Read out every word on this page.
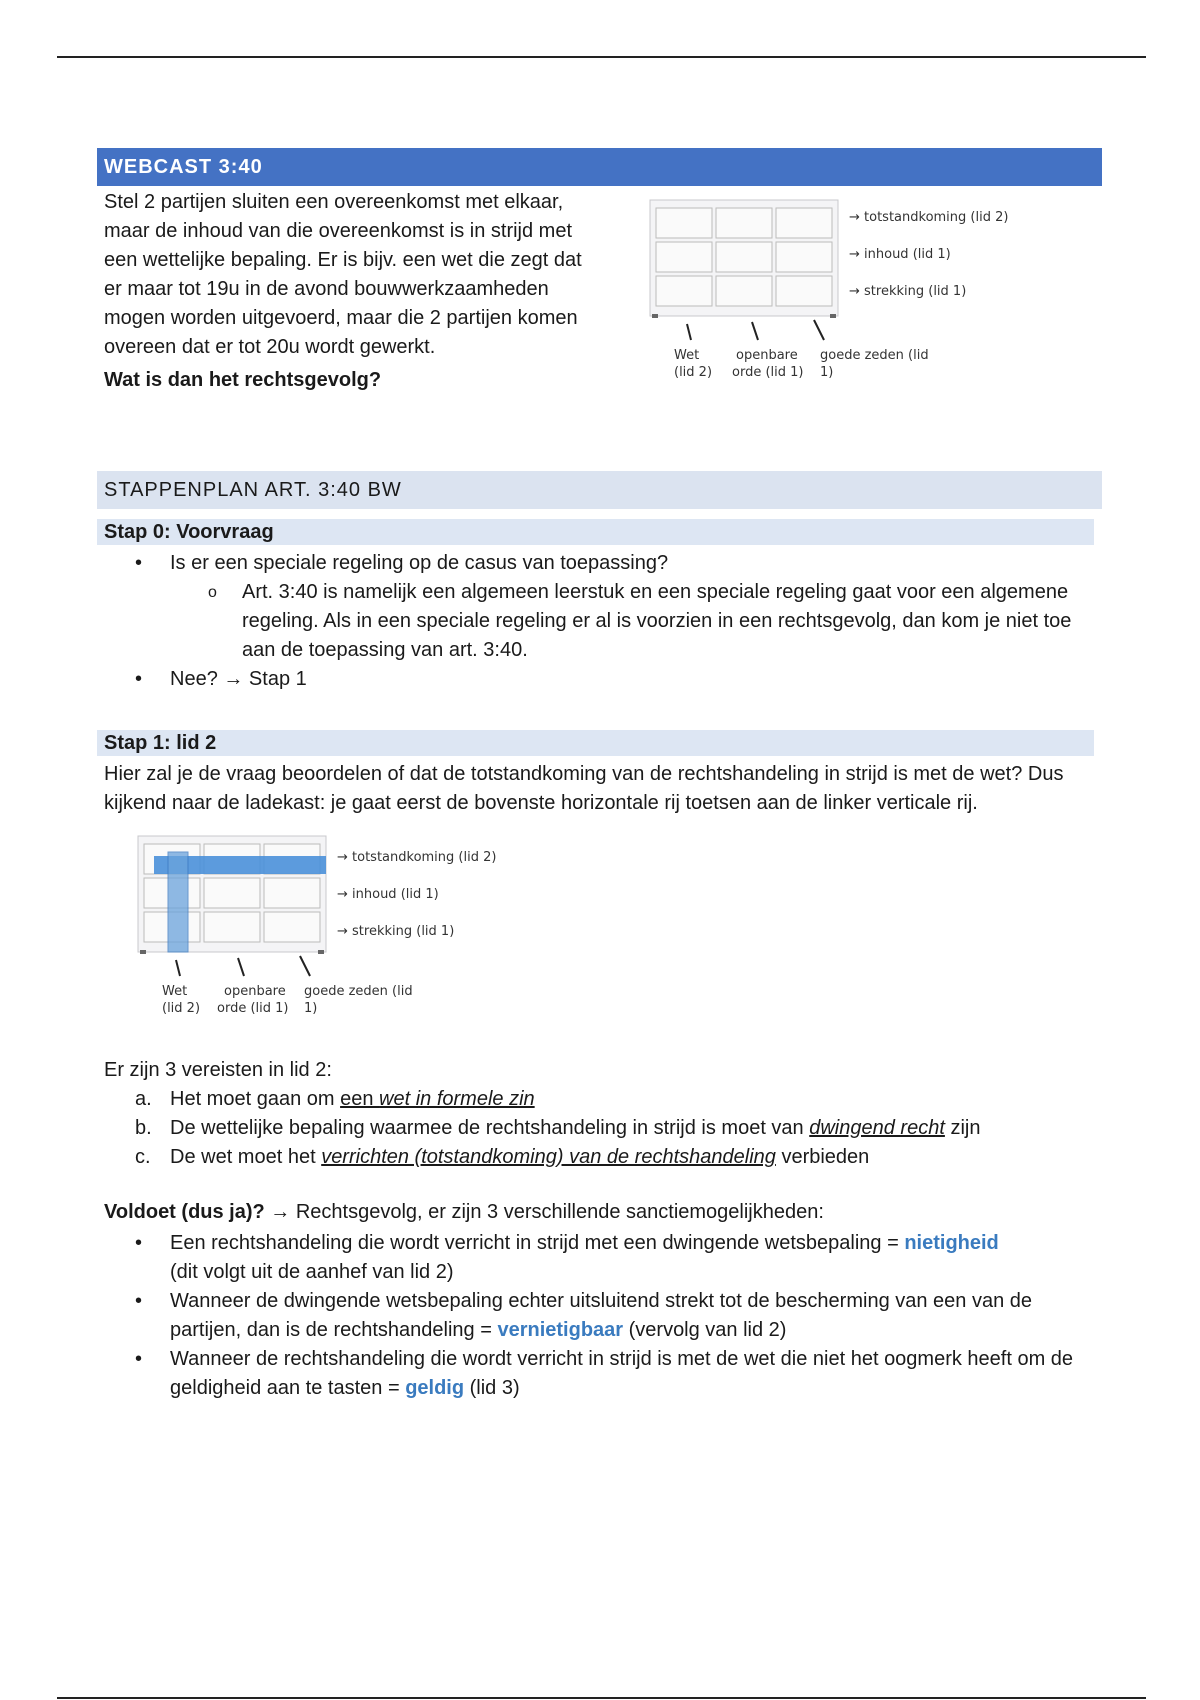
WEBCAST 3:40

Stel 2 partijen sluiten een overeenkomst met elkaar, maar de inhoud van die overeenkomst is in strijd met een wettelijke bepaling. Er is bijv. een wet die zegt dat er maar tot 19u in de avond bouwwerkzaamheden mogen worden uitgevoerd, maar die 2 partijen komen overeen dat er tot 20u wordt gewerkt.

Wat is dan het rechtsgevolg?

→ totstandkoming (lid 2)
→ inhoud (lid 1)
→ strekking (lid 1)
Wet
(lid 2)
openbare
orde (lid 1)
goede zeden (lid
1)
STAPPENPLAN ART. 3:40 BW
Stap 0: Voorvraag
• Is er een speciale regeling op de casus van toepassing?
o Art. 3:40 is namelijk een algemeen leerstuk en een speciale regeling gaat voor een algemene regeling. Als in een speciale regeling er al is voorzien in een rechtsgevolg, dan kom je niet toe aan de toepassing van art. 3:40.
• Nee? → Stap 1
Stap 1: lid 2

Hier zal je de vraag beoordelen of dat de totstandkoming van de rechtshandeling in strijd is met de wet? Dus kijkend naar de ladekast: je gaat eerst de bovenste horizontale rij toetsen aan de linker verticale rij.

→ totstandkoming (lid 2)
→ inhoud (lid 1)
→ strekking (lid 1)
Wet
(lid 2)
openbare
orde (lid 1)
goede zeden (lid
1)

Er zijn 3 vereisten in lid 2:

a. Het moet gaan om een wet in formele zin
b. De wettelijke bepaling waarmee de rechtshandeling in strijd is moet van dwingend recht zijn
c. De wet moet het verrichten (totstandkoming) van de rechtshandeling verbieden

Voldoet (dus ja)? → Rechtsgevolg, er zijn 3 verschillende sanctiemogelijkheden:

• Een rechtshandeling die wordt verricht in strijd met een dwingende wetsbepaling = nietigheid
(dit volgt uit de aanhef van lid 2)
• Wanneer de dwingende wetsbepaling echter uitsluitend strekt tot de bescherming van een van de partijen, dan is de rechtshandeling = vernietigbaar (vervolg van lid 2)
• Wanneer de rechtshandeling die wordt verricht in strijd is met de wet die niet het oogmerk heeft om de geldigheid aan te tasten = geldig (lid 3)
